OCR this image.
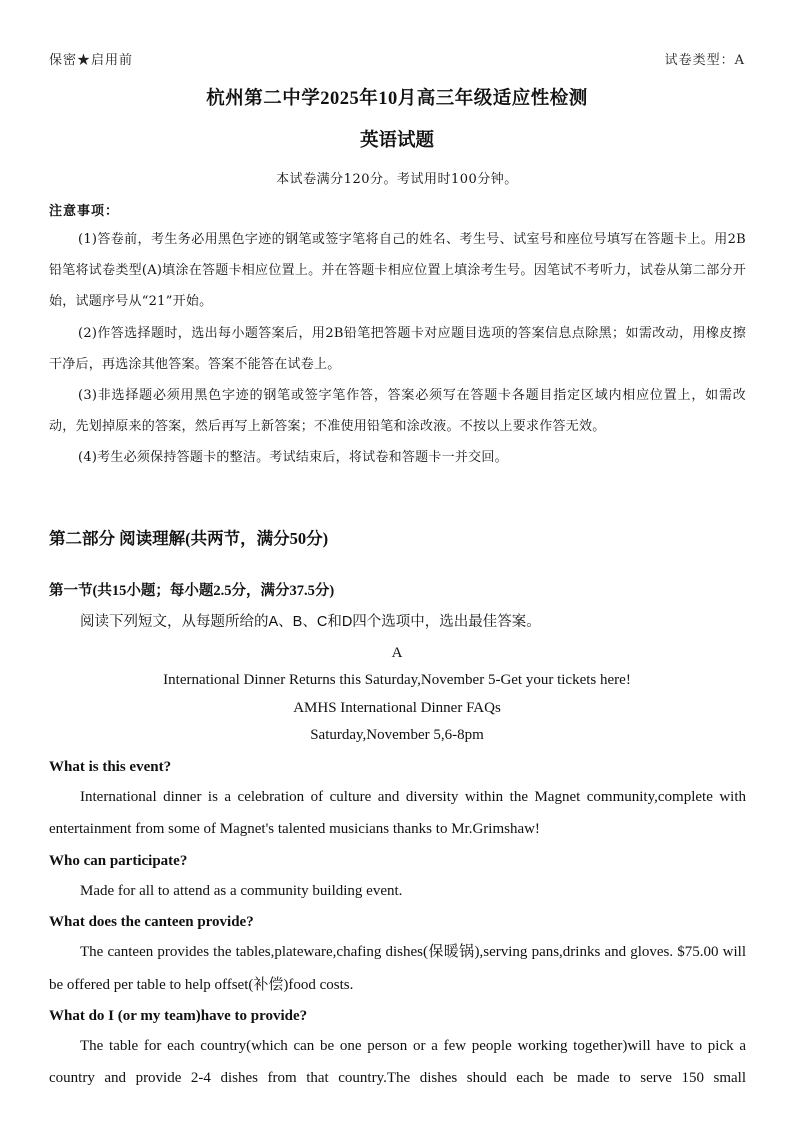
保密★启用前	试卷类型：A
杭州第二中学2025年10月高三年级适应性检测
英语试题
本试卷满分120分。考试用时100分钟。
注意事项：

(1)答卷前，考生务必用黑色字迹的钢笔或签字笔将自己的姓名、考生号、试室号和座位号填写在答题卡上。用2B铅笔将试卷类型(A)填涂在答题卡相应位置上。并在答题卡相应位置上填涂考生号。因笔试不考听力，试卷从第二部分开始，试题序号从“21”开始。

(2)作答选择题时，选出每小题答案后，用2B铅笔把答题卡对应题目选项的答案信息点除黑；如需改动，用橡皮擦干净后，再选涂其他答案。答案不能答在试卷上。

(3)非选择题必须用黑色字迹的钢笔或签字笔作答，答案必须写在答题卡各题目指定区域内相应位置上，如需改动，先划掉原来的答案，然后再写上新答案；不准使用铅笔和涂改液。不按以上要求作答无效。

(4)考生必须保持答题卡的整洁。考试结束后，将试卷和答题卡一并交回。

第二部分 阅读理解(共两节，满分50分)
第一节(共15小题；每小题2.5分，满分37.5分)
阅读下列短文，从每题所给的A、B、C和D四个选项中，选出最佳答案。
A
International Dinner Returns this Saturday,November 5-Get your tickets here!
AMHS International Dinner FAQs
Saturday,November 5,6-8pm
What is this event?
International dinner is a celebration of culture and diversity within the Magnet community,complete with entertainment from some of Magnet's talented musicians thanks to Mr.Grimshaw!
Who can participate?
Made for all to attend as a community building event.
What does the canteen provide?
The canteen provides the tables,plateware,chafing dishes(保暖锅),serving pans,drinks and gloves. $75.00 will be offered per table to help offset(补偿)food costs.
What do I (or my team)have to provide?
The table for each country(which can be one person or a few people working together)will have to pick a country and provide 2-4 dishes from that country.The dishes should each be made to serve 150 small
